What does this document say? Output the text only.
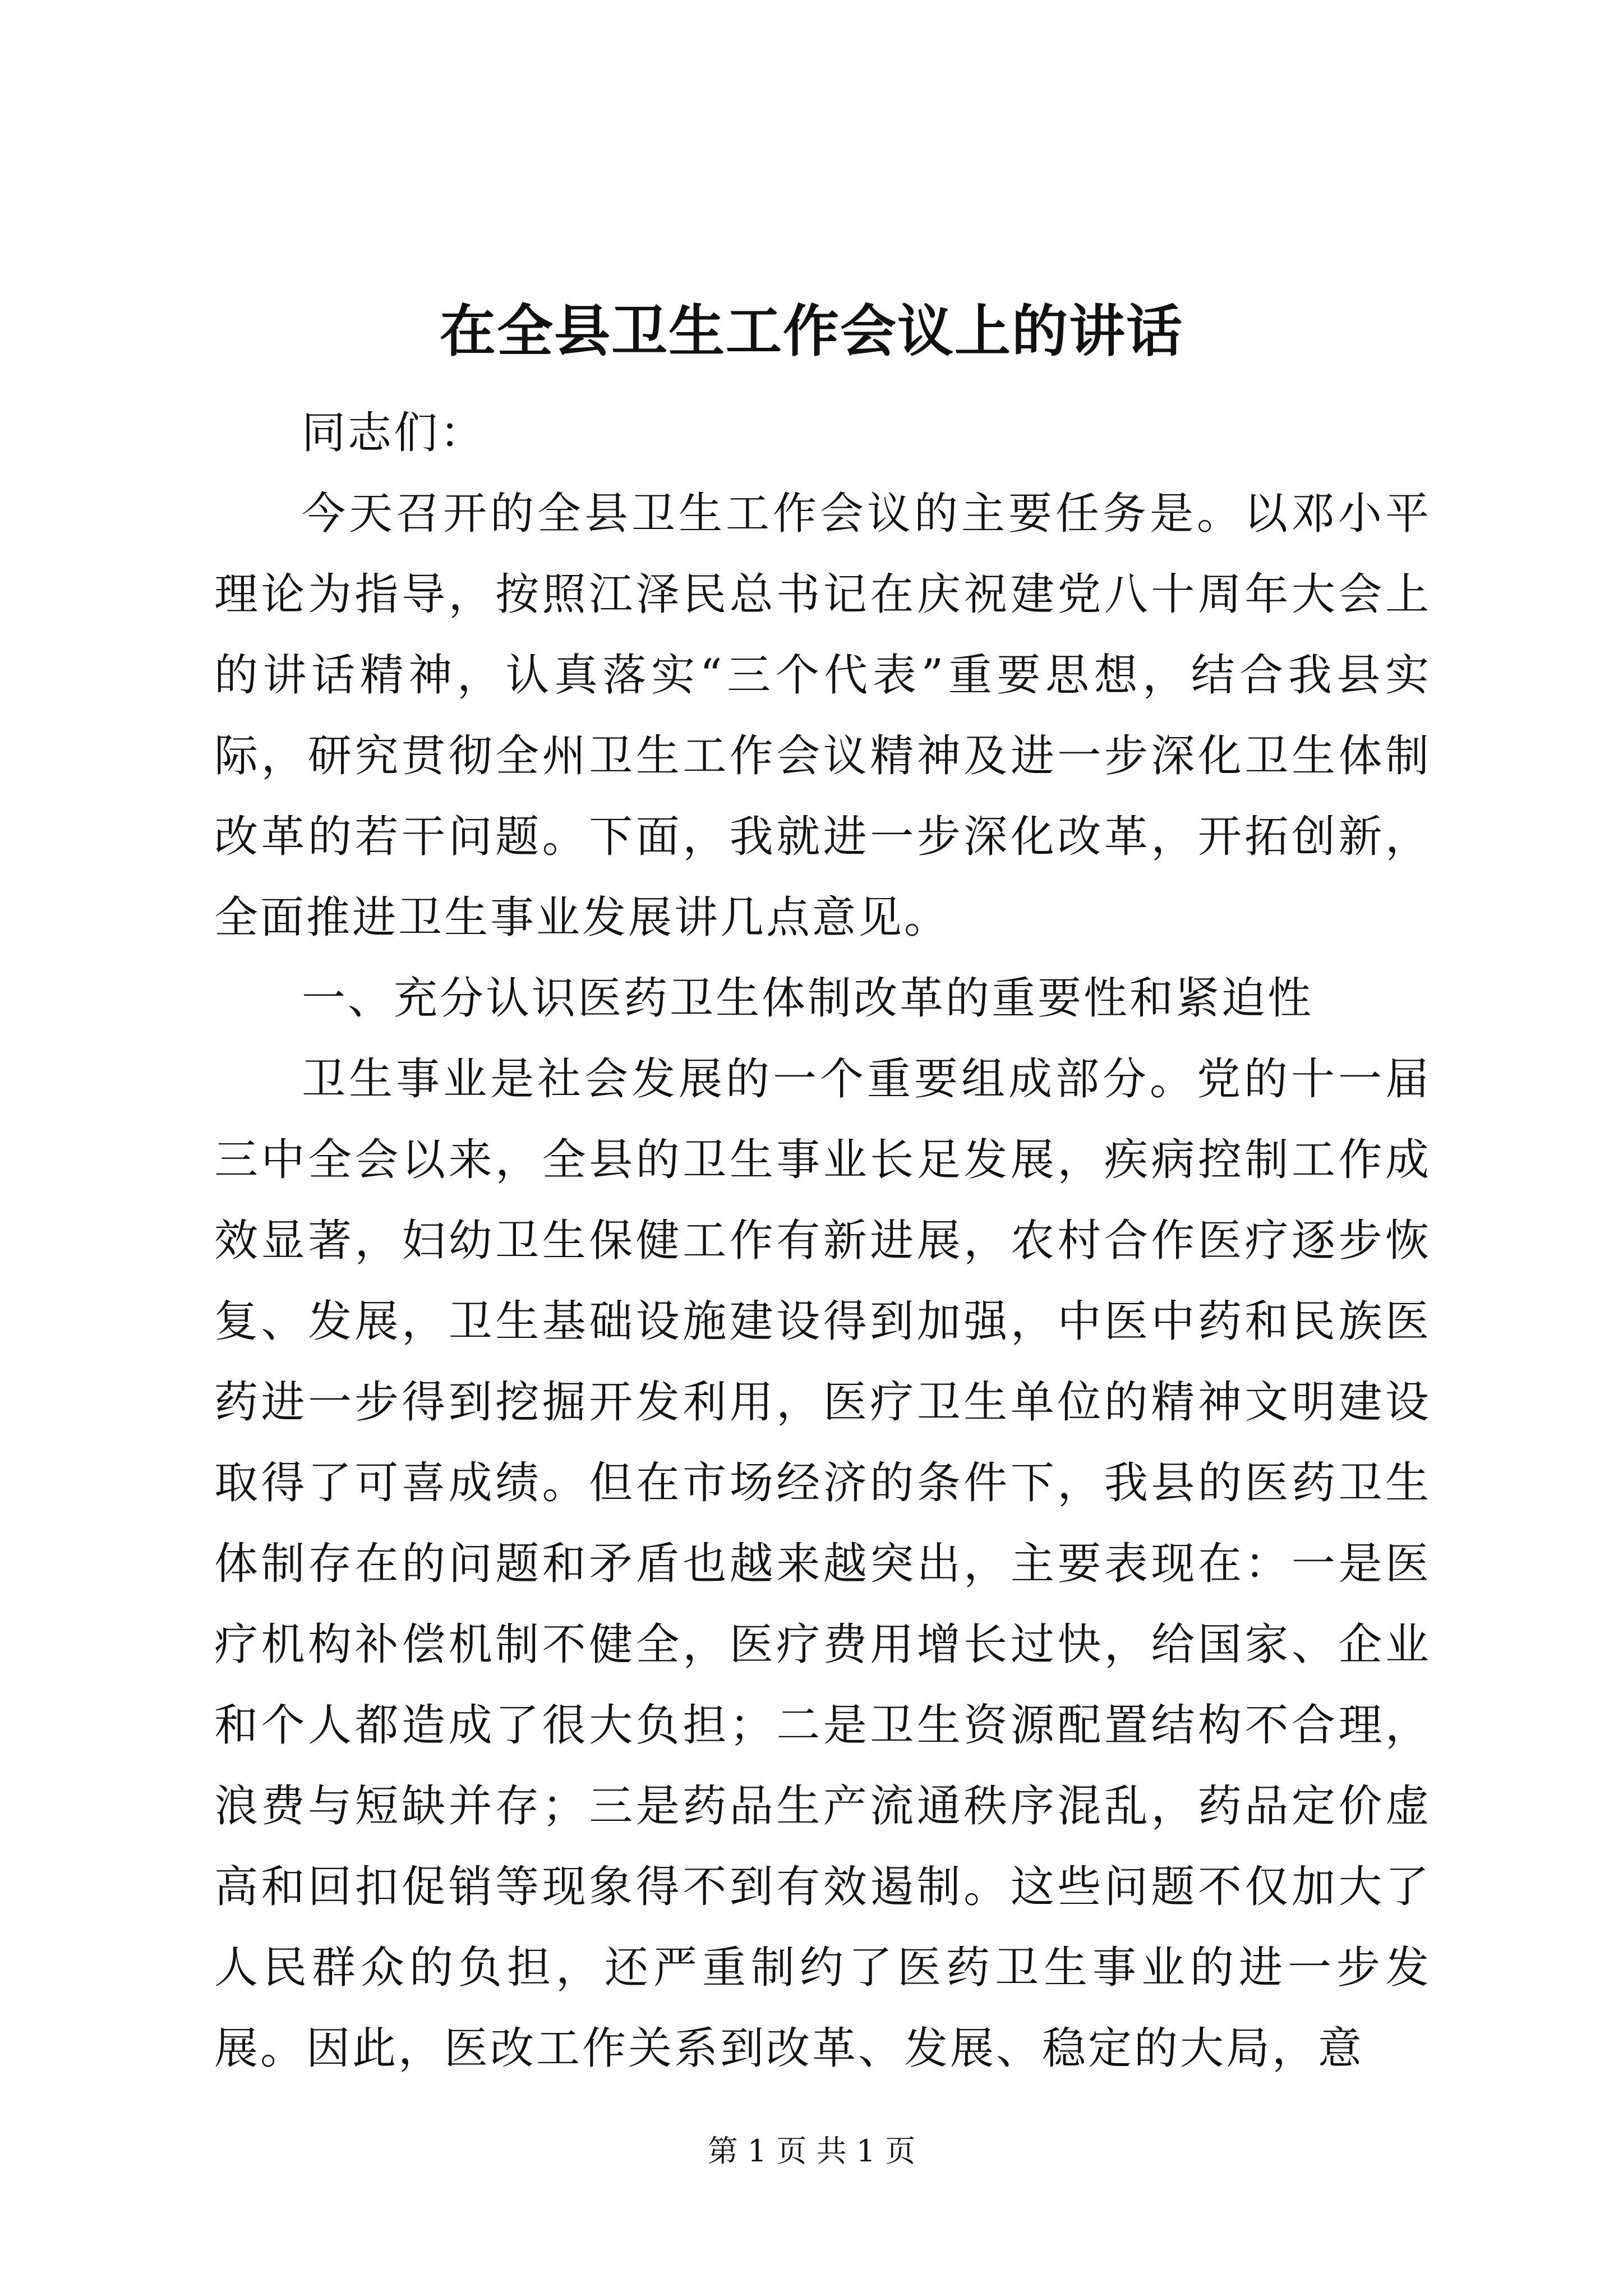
在全县卫生工作会议上的讲话

同志们：

今天召开的全县卫生工作会议的主要任务是。以邓小平理论为指导，按照江泽民总书记在庆祝建党八十周年大会上的讲话精神，认真落实“三个代表”重要思想，结合我县实际，研究贯彻全州卫生工作会议精神及进一步深化卫生体制改革的若干问题。下面，我就进一步深化改革，开拓创新，全面推进卫生事业发展讲几点意见。

一、充分认识医药卫生体制改革的重要性和紧迫性

卫生事业是社会发展的一个重要组成部分。党的十一届三中全会以来，全县的卫生事业长足发展，疾病控制工作成效显著，妇幼卫生保健工作有新进展，农村合作医疗逐步恢复、发展，卫生基础设施建设得到加强，中医中药和民族医药进一步得到挖掘开发利用，医疗卫生单位的精神文明建设取得了可喜成绩。但在市场经济的条件下，我县的医药卫生体制存在的问题和矛盾也越来越突出，主要表现在：一是医疗机构补偿机制不健全，医疗费用增长过快，给国家、企业和个人都造成了很大负担；二是卫生资源配置结构不合理，浪费与短缺并存；三是药品生产流通秩序混乱，药品定价虚高和回扣促销等现象得不到有效遏制。这些问题不仅加大了人民群众的负担，还严重制约了医药卫生事业的进一步发展。因此，医改工作关系到改革、发展、稳定的大局，意

第 1 页 共 1 页
